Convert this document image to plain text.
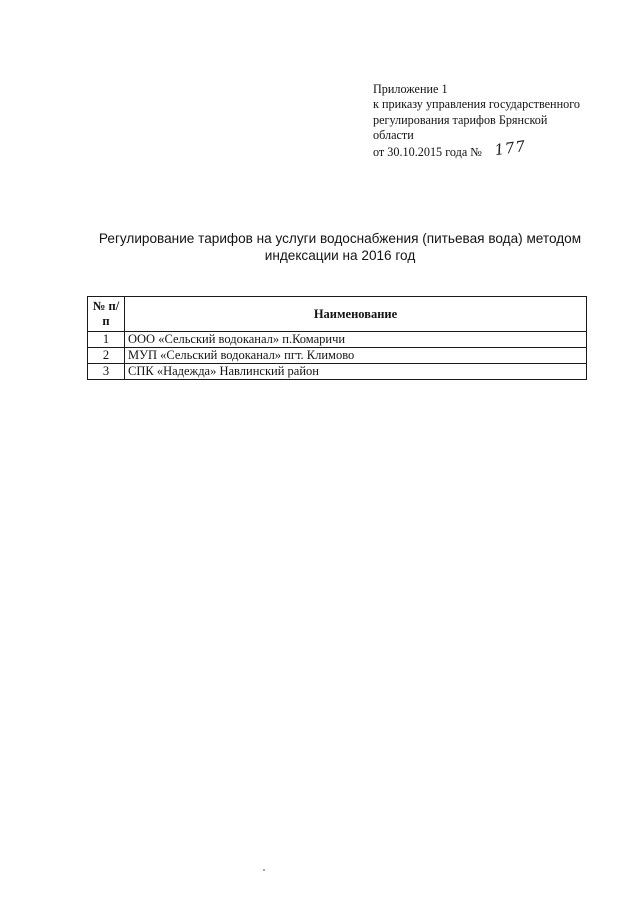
Приложение 1
к приказу управления государственного
регулирования тарифов Брянской
области
от 30.10.2015 года № 177
Регулирование тарифов на услуги водоснабжения (питьевая вода) методом
индексации на 2016 год
№ п/п	Наименование
1	ООО «Сельский водоканал» п.Комаричи
2	МУП «Сельский водоканал» пгт. Климово
3	СПК «Надежда» Навлинский район
